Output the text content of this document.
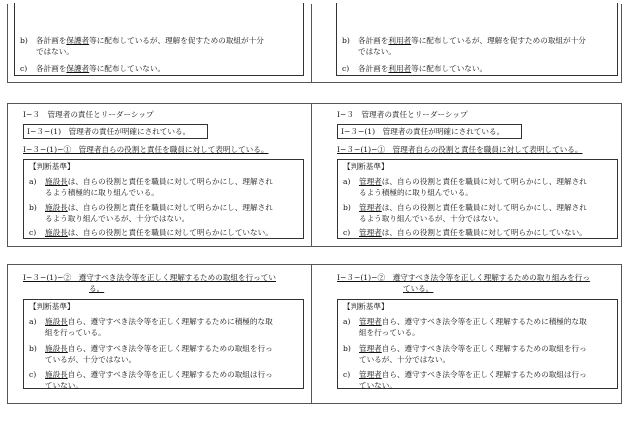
b)	各計画を保護者等に配布しているが、理解を促すための取組が十分
ではない。
c)	各計画を保護者等に配布していない。
b)	各計画を利用者等に配布しているが、理解を促すための取組が十分
ではない。
c)	各計画を利用者等に配布していない。
Ⅰ−３　管理者の責任とリーダーシップ
Ⅰ−３−(1)　管理者の責任が明確にされている。
Ⅰ−３−(1)−①　管理者自らの役割と責任を職員に対して表明している。
【判断基準】
a)	施設長は、自らの役割と責任を職員に対して明らかにし、理解され
るよう積極的に取り組んでいる。
b)	施設長は、自らの役割と責任を職員に対して明らかにし、理解され
るよう取り組んでいるが、十分ではない。
c)	施設長は、自らの役割と責任を職員に対して明らかにしていない。
Ⅰ−３　管理者の責任とリーダーシップ
Ⅰ−３−(1)　管理者の責任が明確にされている。
Ⅰ−３−(1)−①　管理者自らの役割と責任を職員に対して表明している。
【判断基準】
a)	管理者は、自らの役割と責任を職員に対して明らかにし、理解され
るよう積極的に取り組んでいる。
b)	管理者は、自らの役割と責任を職員に対して明らかにし、理解され
るよう取り組んでいるが、十分ではない。
c)	管理者は、自らの役割と責任を職員に対して明らかにしていない。
Ⅰ−３−(1)−②　遵守すべき法令等を正しく理解するための取組を行ってい
る。
【判断基準】
a)	施設長自ら、遵守すべき法令等を正しく理解するために積極的な取
組を行っている。
b)	施設長自ら、遵守すべき法令等を正しく理解するための取組を行っ
ているが、十分ではない。
c)	施設長自ら、遵守すべき法令等を正しく理解するための取組は行っ
ていない。
Ⅰ−３−(1)−②　遵守すべき法令等を正しく理解するための取り組みを行っ
ている。
【判断基準】
a)	管理者自ら、遵守すべき法令等を正しく理解するために積極的な取
組を行っている。
b)	管理者自ら、遵守すべき法令等を正しく理解するための取組を行っ
ているが、十分ではない。
c)	管理者自ら、遵守すべき法令等を正しく理解するための取組は行っ
ていない。
